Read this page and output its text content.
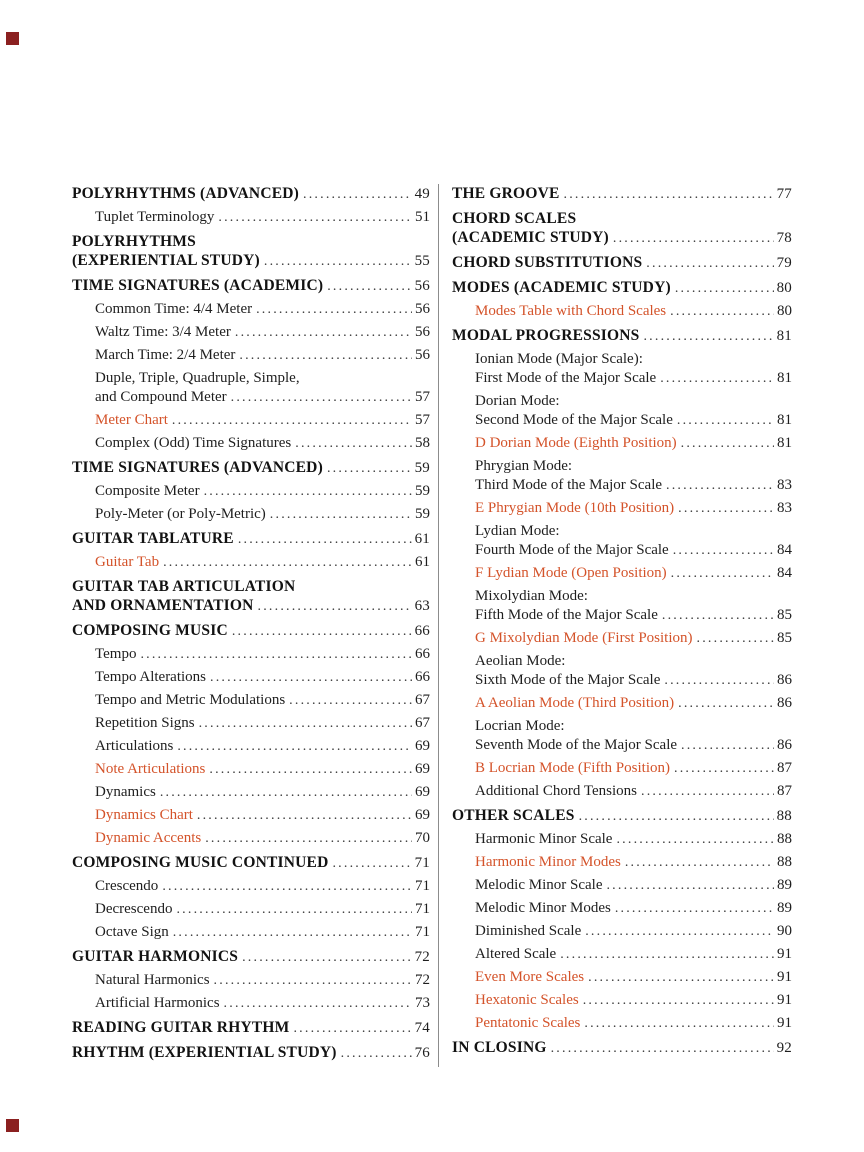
POLYRHYTHMS (ADVANCED) .....	49
Tuplet Terminology .....	51
POLYRHYTHMS
(EXPERIENTIAL STUDY) .....	55
TIME SIGNATURES (ACADEMIC) .....	56
Common Time: 4/4 Meter .....	56
Waltz Time: 3/4 Meter .....	56
March Time: 2/4 Meter .....	56
Duple, Triple, Quadruple, Simple,
and Compound Meter .....	57
Meter Chart .....	57
Complex (Odd) Time Signatures .....	58
TIME SIGNATURES (ADVANCED) .....	59
Composite Meter .....	59
Poly-Meter (or Poly-Metric) .....	59
GUITAR TABLATURE .....	61
Guitar Tab .....	61
GUITAR TAB ARTICULATION
AND ORNAMENTATION .....	63
COMPOSING MUSIC .....	66
Tempo .....	66
Tempo Alterations .....	66
Tempo and Metric Modulations .....	67
Repetition Signs .....	67
Articulations .....	69
Note Articulations .....	69
Dynamics .....	69
Dynamics Chart .....	69
Dynamic Accents .....	70
COMPOSING MUSIC CONTINUED .....	71
Crescendo .....	71
Decrescendo .....	71
Octave Sign .....	71
GUITAR HARMONICS .....	72
Natural Harmonics .....	72
Artificial Harmonics .....	73
READING GUITAR RHYTHM .....	74
RHYTHM (EXPERIENTIAL STUDY) .....	76
THE GROOVE .....	77
CHORD SCALES
(ACADEMIC STUDY) .....	78
CHORD SUBSTITUTIONS .....	79
MODES (ACADEMIC STUDY) .....	80
Modes Table with Chord Scales .....	80
MODAL PROGRESSIONS .....	81
Ionian Mode (Major Scale):
First Mode of the Major Scale .....	81
Dorian Mode:
Second Mode of the Major Scale .....	81
D Dorian Mode (Eighth Position) .....	81
Phrygian Mode:
Third Mode of the Major Scale .....	83
E Phrygian Mode (10th Position) .....	83
Lydian Mode:
Fourth Mode of the Major Scale .....	84
F Lydian Mode (Open Position) .....	84
Mixolydian Mode:
Fifth Mode of the Major Scale .....	85
G Mixolydian Mode (First Position) .....	85
Aeolian Mode:
Sixth Mode of the Major Scale .....	86
A Aeolian Mode (Third Position) .....	86
Locrian Mode:
Seventh Mode of the Major Scale .....	86
B Locrian Mode (Fifth Position) .....	87
Additional Chord Tensions .....	87
OTHER SCALES .....	88
Harmonic Minor Scale .....	88
Harmonic Minor Modes .....	88
Melodic Minor Scale .....	89
Melodic Minor Modes .....	89
Diminished Scale .....	90
Altered Scale .....	91
Even More Scales .....	91
Hexatonic Scales .....	91
Pentatonic Scales .....	91
IN CLOSING .....	92
